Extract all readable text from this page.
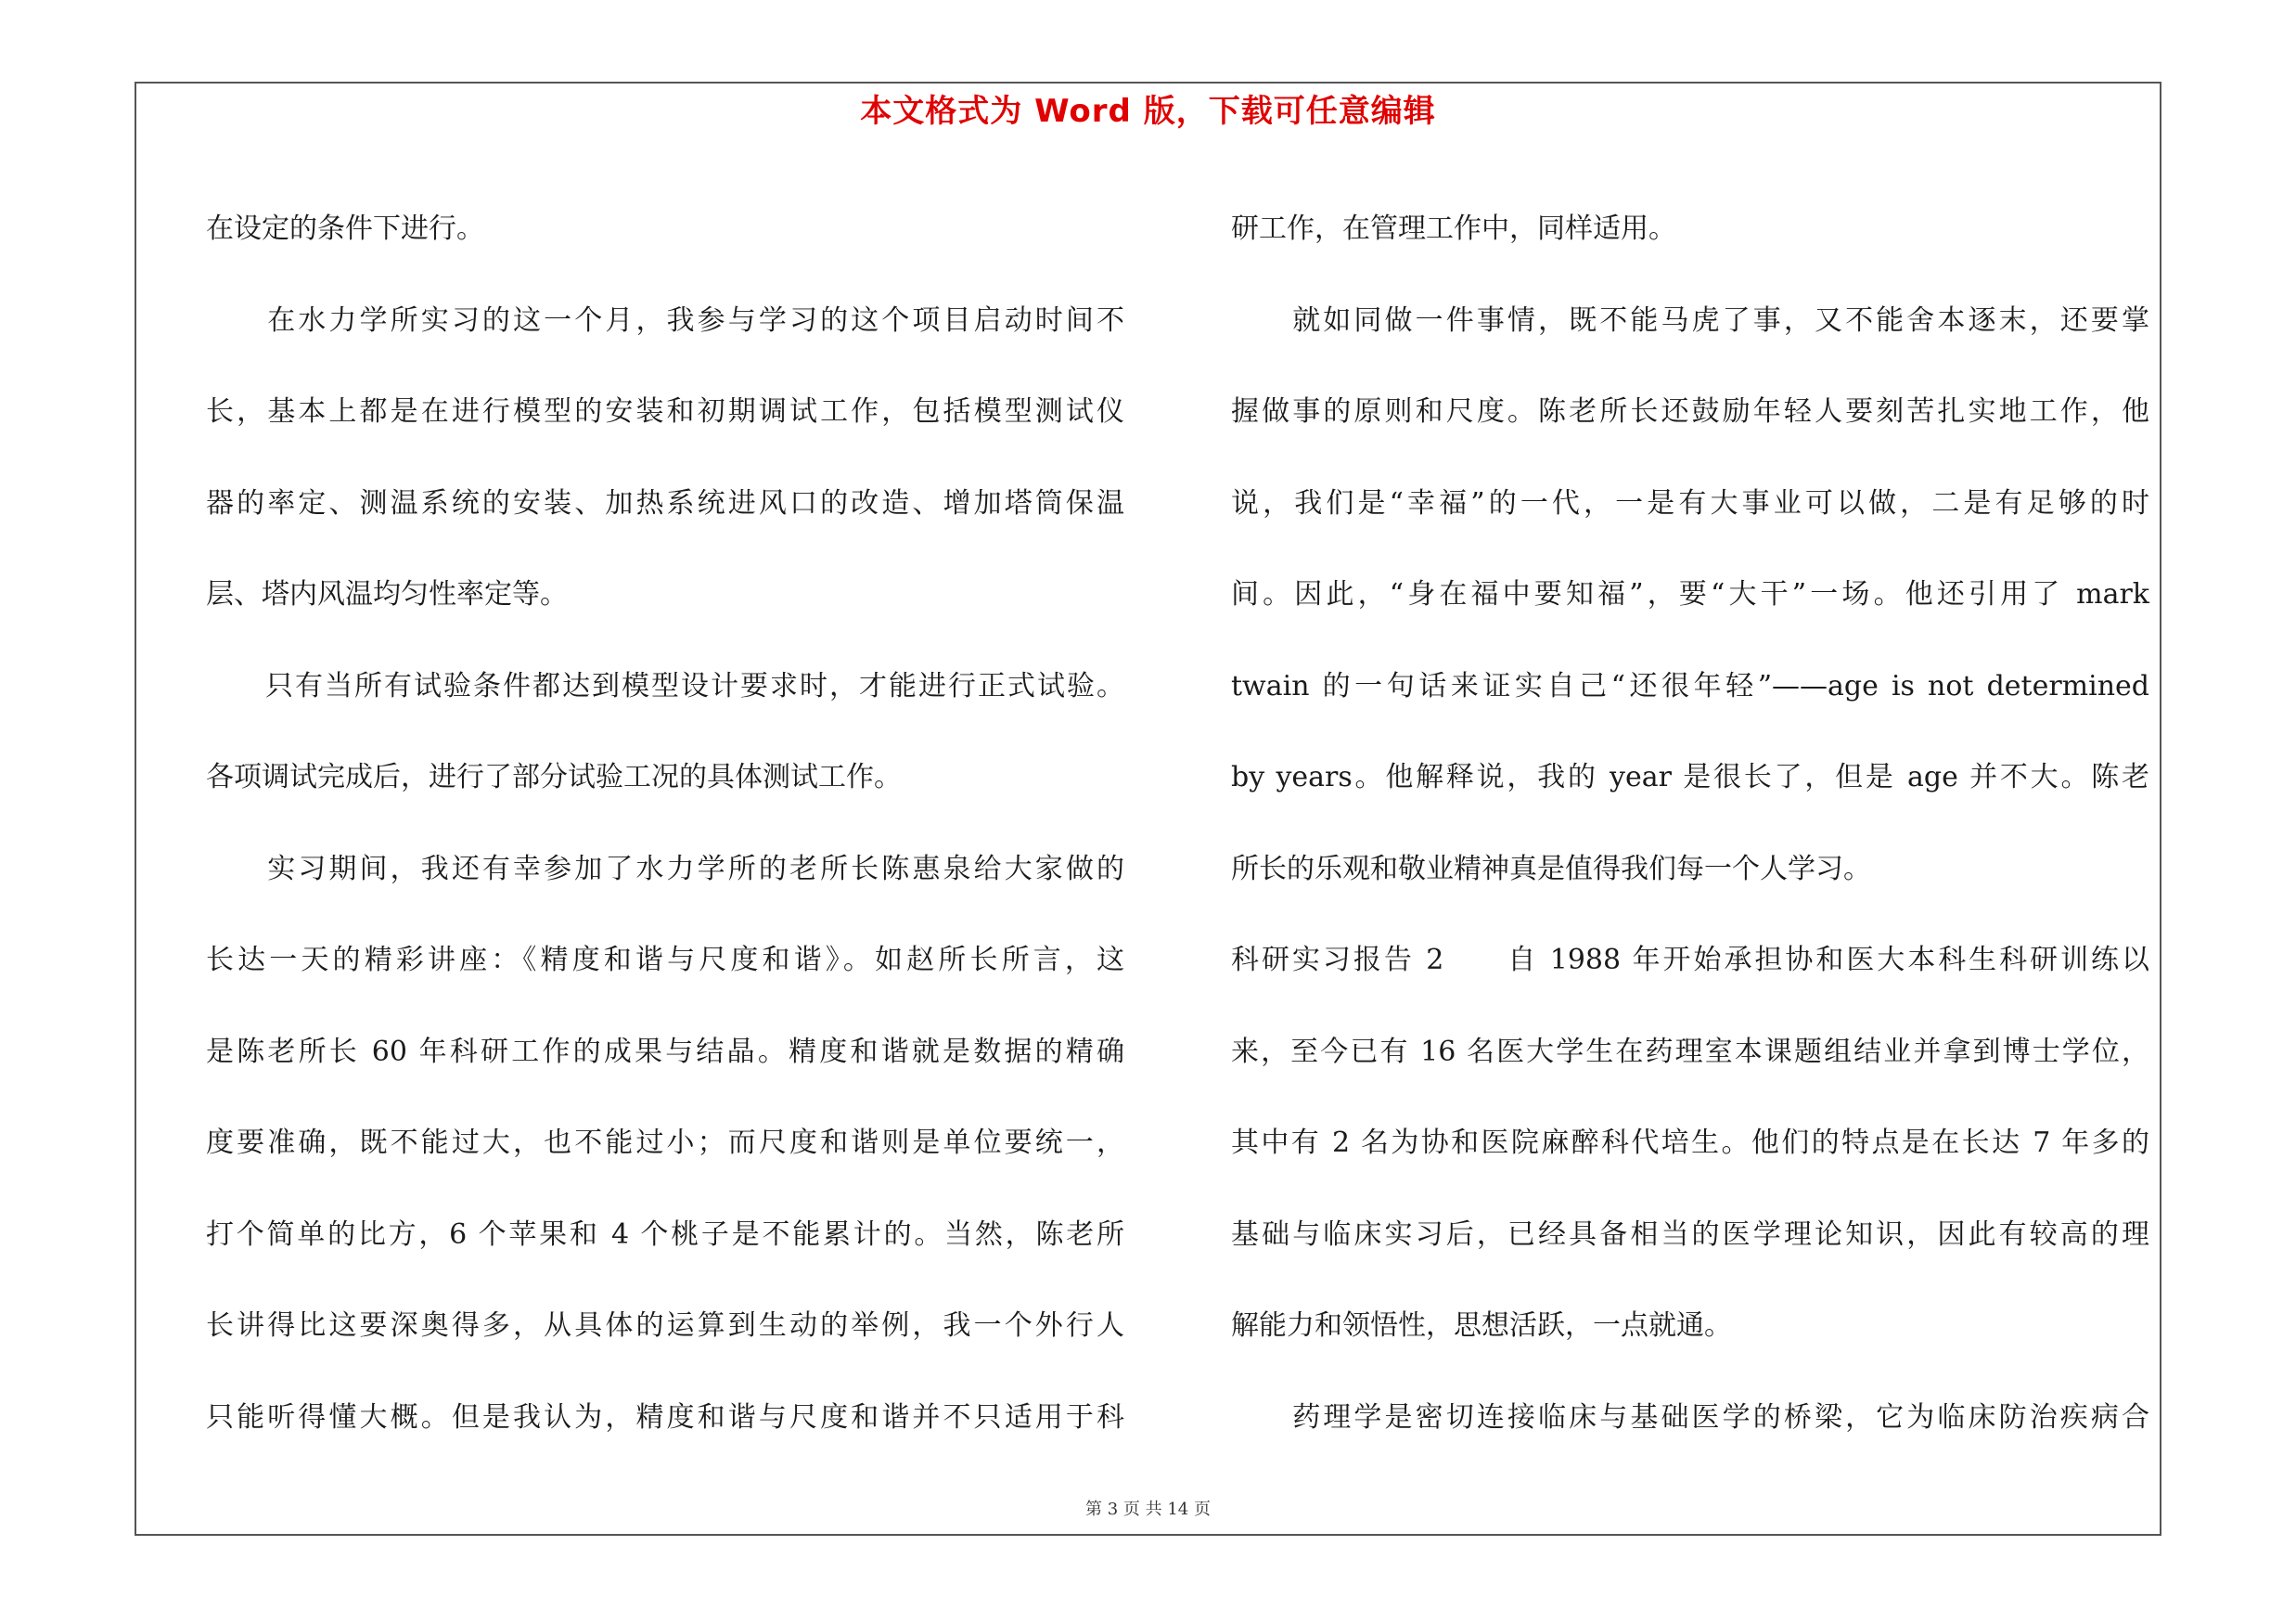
本文格式为 Word 版，下载可任意编辑
在设定的条件下进行。
　　在水力学所实习的这一个月，我参与学习的这个项目启动时间不
长，基本上都是在进行模型的安装和初期调试工作，包括模型测试仪
器的率定、测温系统的安装、加热系统进风口的改造、增加塔筒保温
层、塔内风温均匀性率定等。
　　只有当所有试验条件都达到模型设计要求时，才能进行正式试验。
各项调试完成后，进行了部分试验工况的具体测试工作。
　　实习期间，我还有幸参加了水力学所的老所长陈惠泉给大家做的
长达一天的精彩讲座：《精度和谐与尺度和谐》。如赵所长所言，这
是陈老所长 60 年科研工作的成果与结晶。精度和谐就是数据的精确
度要准确，既不能过大，也不能过小；而尺度和谐则是单位要统一，
打个简单的比方，6 个苹果和 4 个桃子是不能累计的。当然，陈老所
长讲得比这要深奥得多，从具体的运算到生动的举例，我一个外行人
只能听得懂大概。但是我认为，精度和谐与尺度和谐并不只适用于科
研工作，在管理工作中，同样适用。
　　就如同做一件事情，既不能马虎了事，又不能舍本逐末，还要掌
握做事的原则和尺度。陈老所长还鼓励年轻人要刻苦扎实地工作，他
说，我们是“幸福”的一代，一是有大事业可以做，二是有足够的时
间。因此，“身在福中要知福”，要“大干”一场。他还引用了 mark
twain 的一句话来证实自己“还很年轻”——age is not determined
by years。他解释说，我的 year 是很长了，但是 age 并不大。陈老
所长的乐观和敬业精神真是值得我们每一个人学习。
科研实习报告 2　　自 1988 年开始承担协和医大本科生科研训练以
来，至今已有 16 名医大学生在药理室本课题组结业并拿到博士学位，
其中有 2 名为协和医院麻醉科代培生。他们的特点是在长达 7 年多的
基础与临床实习后，已经具备相当的医学理论知识，因此有较高的理
解能力和领悟性，思想活跃，一点就通。
　　药理学是密切连接临床与基础医学的桥梁，它为临床防治疾病合
第 3 页 共 14 页
